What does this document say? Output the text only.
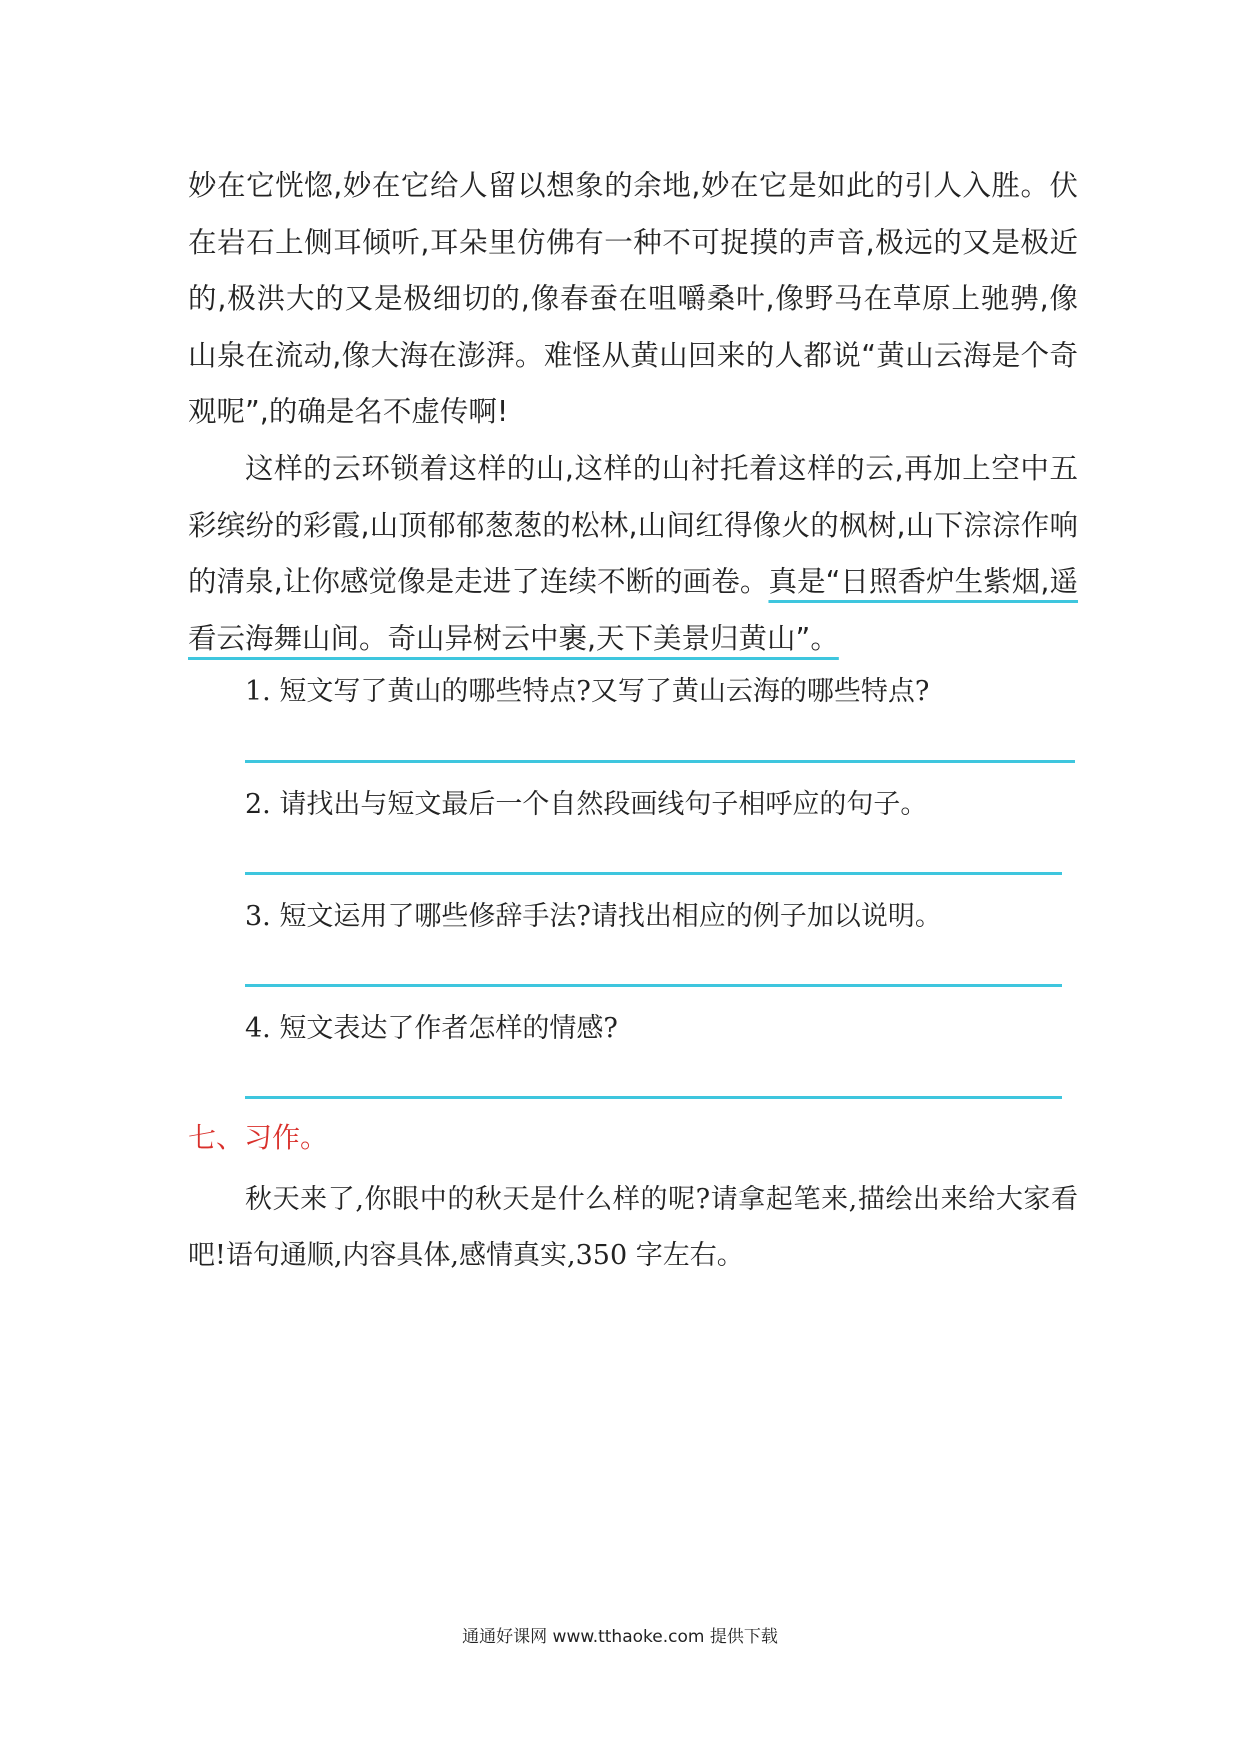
妙在它恍惚,妙在它给人留以想象的余地,妙在它是如此的引人入胜。伏在岩石上侧耳倾听,耳朵里仿佛有一种不可捉摸的声音,极远的又是极近的,极洪大的又是极细切的,像春蚕在咀嚼桑叶,像野马在草原上驰骋,像山泉在流动,像大海在澎湃。难怪从黄山回来的人都说“黄山云海是个奇观呢”,的确是名不虚传啊!

这样的云环锁着这样的山,这样的山衬托着这样的云,再加上空中五彩缤纷的彩霞,山顶郁郁葱葱的松林,山间红得像火的枫树,山下淙淙作响的清泉,让你感觉像是走进了连续不断的画卷。真是“日照香炉生紫烟,遥看云海舞山间。奇山异树云中裹,天下美景归黄山”。

1. 短文写了黄山的哪些特点?又写了黄山云海的哪些特点?

2. 请找出与短文最后一个自然段画线句子相呼应的句子。

3. 短文运用了哪些修辞手法?请找出相应的例子加以说明。

4. 短文表达了作者怎样的情感?

七、习作。

秋天来了,你眼中的秋天是什么样的呢?请拿起笔来,描绘出来给大家看吧!语句通顺,内容具体,感情真实,350 字左右。

通通好课网 www.tthaoke.com 提供下载
